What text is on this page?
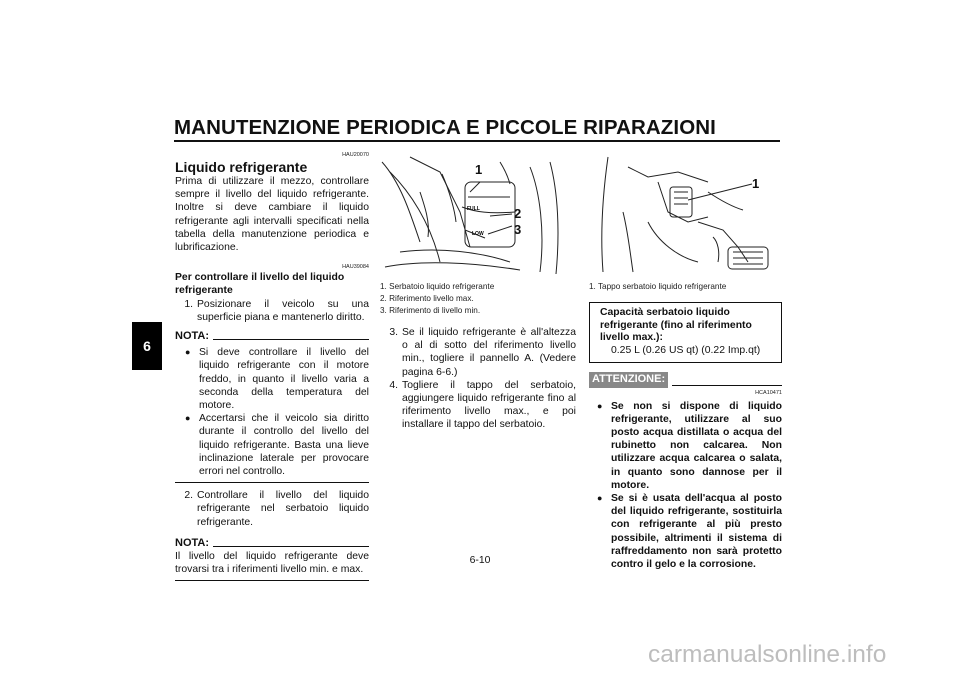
MANUTENZIONE PERIODICA E PICCOLE RIPARAZIONI
6
HAU20070
Liquido refrigerante
Prima di utilizzare il mezzo, controllare sempre il livello del liquido refrigerante. Inoltre si deve cambiare il liquido refrigerante agli intervalli specificati nella tabella della manutenzione periodica e lubrificazione.
HAU39084
Per controllare il livello del liquido refrigerante
1. Posizionare il veicolo su una superficie piana e mantenerlo diritto.
NOTA:
● Si deve controllare il livello del liquido refrigerante con il motore freddo, in quanto il livello varia a seconda della temperatura del motore.
● Accertarsi che il veicolo sia diritto durante il controllo del livello del liquido refrigerante. Basta una lieve inclinazione laterale per provocare errori nel controllo.
2. Controllare il livello del liquido refrigerante nel serbatoio liquido refrigerante.
NOTA:
Il livello del liquido refrigerante deve trovarsi tra i riferimenti livello min. e max.
FULL
LOW
1
2
3
1. Serbatoio liquido refrigerante
2. Riferimento livello max.
3. Riferimento di livello min.
3. Se il liquido refrigerante è all'altezza o al di sotto del riferimento livello min., togliere il pannello A. (Vedere pagina 6-6.)
4. Togliere il tappo del serbatoio, aggiungere liquido refrigerante fino al riferimento livello max., e poi installare il tappo del serbatoio.
1
1. Tappo serbatoio liquido refrigerante
Capacità serbatoio liquido refrigerante (fino al riferimento livello max.):
0.25 L (0.26 US qt) (0.22 Imp.qt)
ATTENZIONE:
HCA10471
● Se non si dispone di liquido refrigerante, utilizzare al suo posto acqua distillata o acqua del rubinetto non calcarea. Non utilizzare acqua calcarea o salata, in quanto sono dannose per il motore.
● Se si è usata dell'acqua al posto del liquido refrigerante, sostituirla con refrigerante al più presto possibile, altrimenti il sistema di raffreddamento non sarà protetto contro il gelo e la corrosione.
6-10
carmanualsonline.info
